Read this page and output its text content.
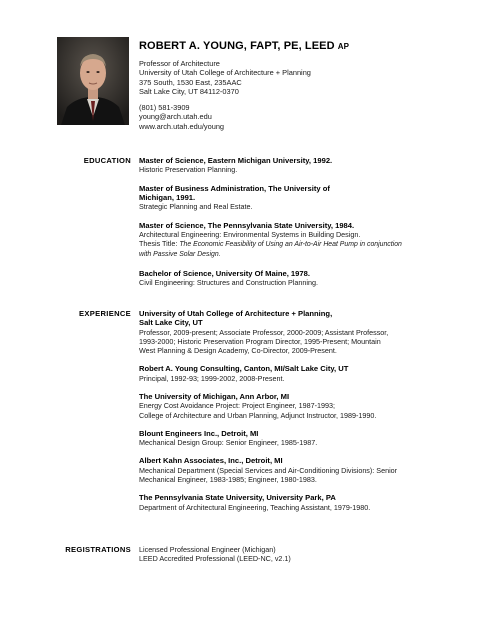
ROBERT A. YOUNG, FAPT, PE, LEED AP
Professor of Architecture
University of Utah College of Architecture + Planning
375 South, 1530 East, 235AAC
Salt Lake City, UT 84112-0370
(801) 581-3909
young@arch.utah.edu
www.arch.utah.edu/young
EDUCATION Master of Science, Eastern Michigan University, 1992.
Historic Preservation Planning.
Master of Business Administration, The University of
Michigan, 1991.
Strategic Planning and Real Estate.
Master of Science, The Pennsylvania State University, 1984.
Architectural Engineering: Environmental Systems in Building Design.
Thesis Title: The Economic Feasibility of Using an Air-to-Air Heat Pump in conjunction
with Passive Solar Design.
Bachelor of Science, University Of Maine, 1978.
Civil Engineering: Structures and Construction Planning.
EXPERIENCE University of Utah College of Architecture + Planning,
Salt Lake City, UT
Professor, 2009-present; Associate Professor, 2000-2009; Assistant Professor,
1993-2000; Historic Preservation Program Director, 1995-Present; Mountain
West Planning & Design Academy, Co-Director, 2009-Present.
Robert A. Young Consulting, Canton, MI/Salt Lake City, UT
Principal, 1992-93; 1999-2002, 2008-Present.
The University of Michigan, Ann Arbor, MI
Energy Cost Avoidance Project: Project Engineer, 1987-1993;
College of Architecture and Urban Planning, Adjunct Instructor, 1989-1990.
Blount Engineers Inc., Detroit, MI
Mechanical Design Group: Senior Engineer, 1985-1987.
Albert Kahn Associates, Inc., Detroit, MI
Mechanical Department (Special Services and Air-Conditioning Divisions): Senior
Mechanical Engineer, 1983-1985; Engineer, 1980-1983.
The Pennsylvania State University, University Park, PA
Department of Architectural Engineering, Teaching Assistant, 1979-1980.
REGISTRATIONS Licensed Professional Engineer (Michigan)
LEED Accredited Professional (LEED-NC, v2.1)
